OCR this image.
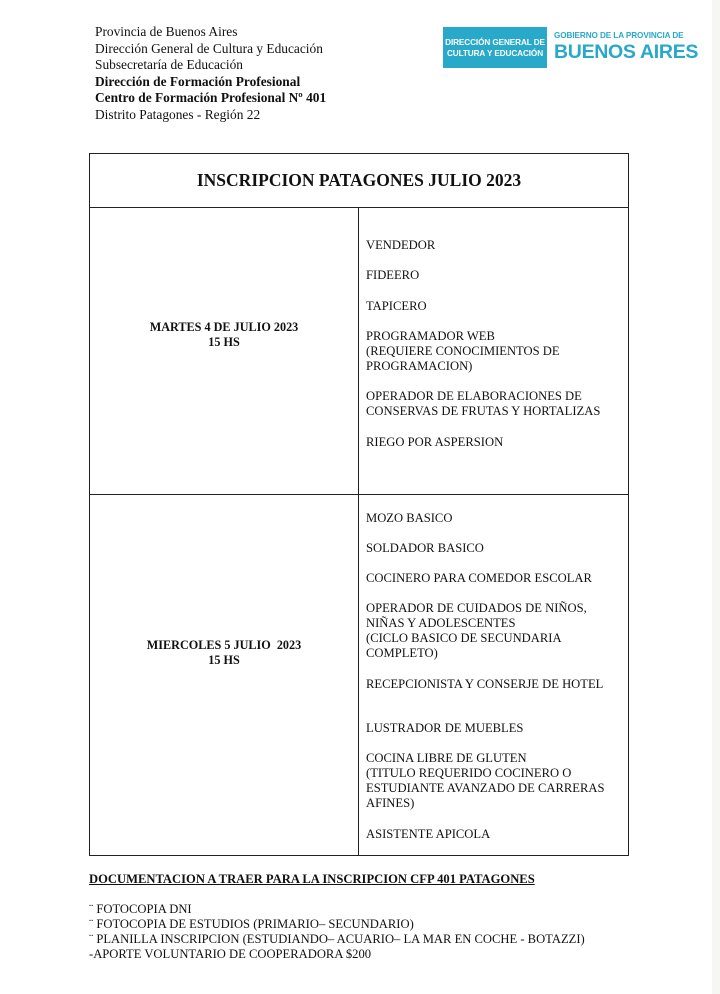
Provincia de Buenos Aires
Dirección General de Cultura y Educación
Subsecretaría de Educación
Dirección de Formación Profesional
Centro de Formación Profesional Nº 401
Distrito Patagones - Región 22
DIRECCIÓN GENERAL DE
CULTURA Y EDUCACIÓN
GOBIERNO DE LA PROVINCIA DE
BUENOS AIRES
INSCRIPCION PATAGONES JULIO 2023
MARTES 4 DE JULIO 2023
15 HS
VENDEDOR
FIDEERO
TAPICERO
PROGRAMADOR WEB
(REQUIERE CONOCIMIENTOS DE
PROGRAMACION)
OPERADOR DE ELABORACIONES DE
CONSERVAS DE FRUTAS Y HORTALIZAS
RIEGO POR ASPERSION
MIERCOLES 5 JULIO  2023
15 HS
MOZO BASICO
SOLDADOR BASICO
COCINERO PARA COMEDOR ESCOLAR
OPERADOR DE CUIDADOS DE NIÑOS,
NIÑAS Y ADOLESCENTES
(CICLO BASICO DE SECUNDARIA
COMPLETO)
RECEPCIONISTA Y CONSERJE DE HOTEL
LUSTRADOR DE MUEBLES
COCINA LIBRE DE GLUTEN
(TITULO REQUERIDO COCINERO O
ESTUDIANTE AVANZADO DE CARRERAS
AFINES)
ASISTENTE APICOLA
DOCUMENTACION A TRAER PARA LA INSCRIPCION CFP 401 PATAGONES
¨ FOTOCOPIA DNI
¨ FOTOCOPIA DE ESTUDIOS (PRIMARIO– SECUNDARIO)
¨ PLANILLA INSCRIPCION (ESTUDIANDO– ACUARIO– LA MAR EN COCHE - BOTAZZI)
-APORTE VOLUNTARIO DE COOPERADORA $200
